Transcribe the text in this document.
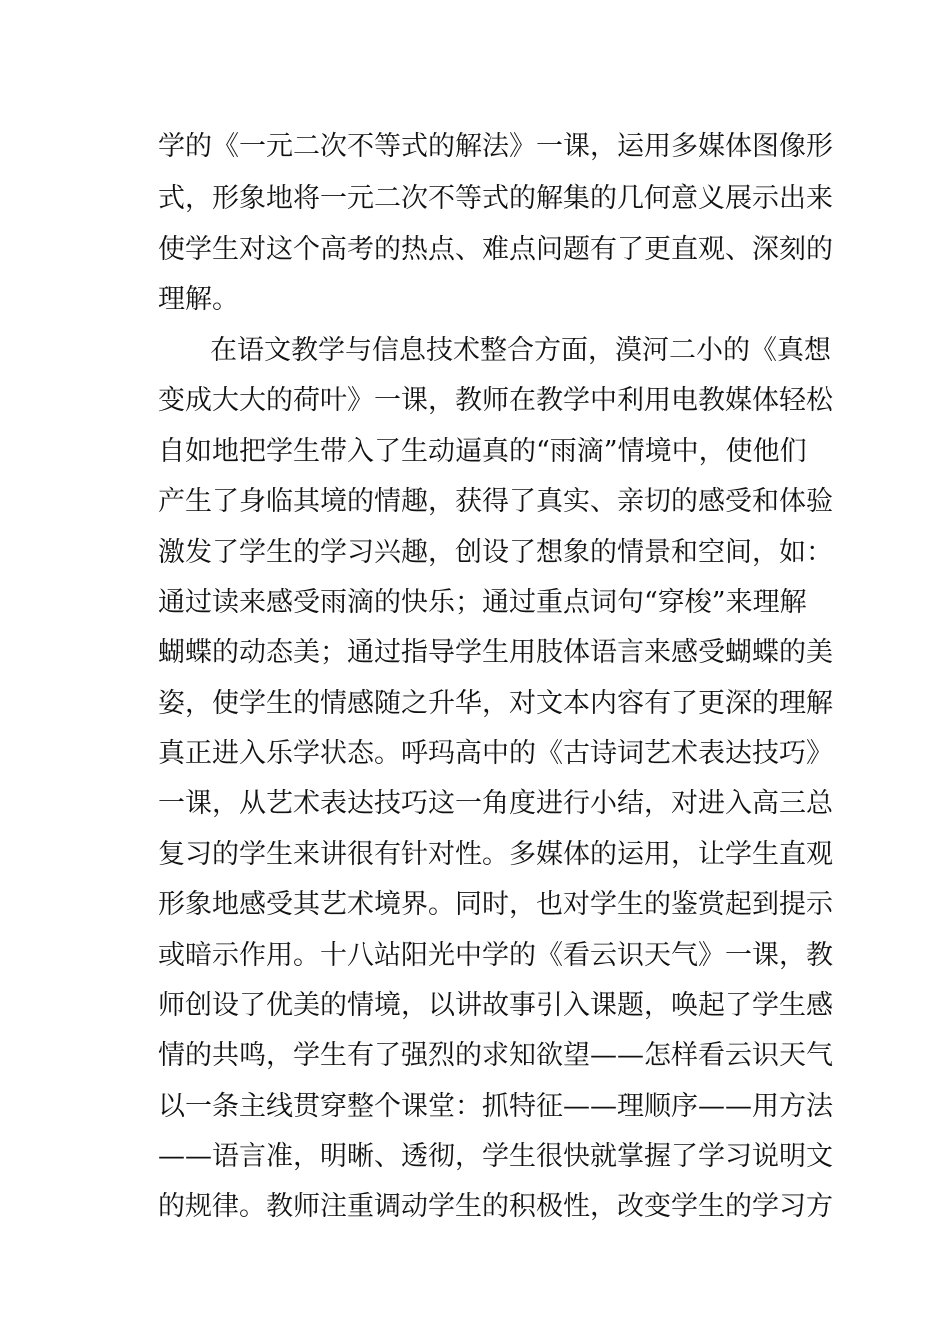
学的《一元二次不等式的解法》一课，运用多媒体图像形
式，形象地将一元二次不等式的解集的几何意义展示出来
使学生对这个高考的热点、难点问题有了更直观、深刻的
理解。
在语文教学与信息技术整合方面，漠河二小的《真想
变成大大的荷叶》一课，教师在教学中利用电教媒体轻松
自如地把学生带入了生动逼真的“雨滴”情境中，使他们
产生了身临其境的情趣，获得了真实、亲切的感受和体验
激发了学生的学习兴趣，创设了想象的情景和空间，如：
通过读来感受雨滴的快乐；通过重点词句“穿梭”来理解
蝴蝶的动态美；通过指导学生用肢体语言来感受蝴蝶的美
姿，使学生的情感随之升华，对文本内容有了更深的理解
真正进入乐学状态。呼玛高中的《古诗词艺术表达技巧》
一课，从艺术表达技巧这一角度进行小结，对进入高三总
复习的学生来讲很有针对性。多媒体的运用，让学生直观
形象地感受其艺术境界。同时，也对学生的鉴赏起到提示
或暗示作用。十八站阳光中学的《看云识天气》一课，教
师创设了优美的情境，以讲故事引入课题，唤起了学生感
情的共鸣，学生有了强烈的求知欲望——怎样看云识天气
以一条主线贯穿整个课堂：抓特征——理顺序——用方法
——语言准，明晰、透彻，学生很快就掌握了学习说明文
的规律。教师注重调动学生的积极性，改变学生的学习方
